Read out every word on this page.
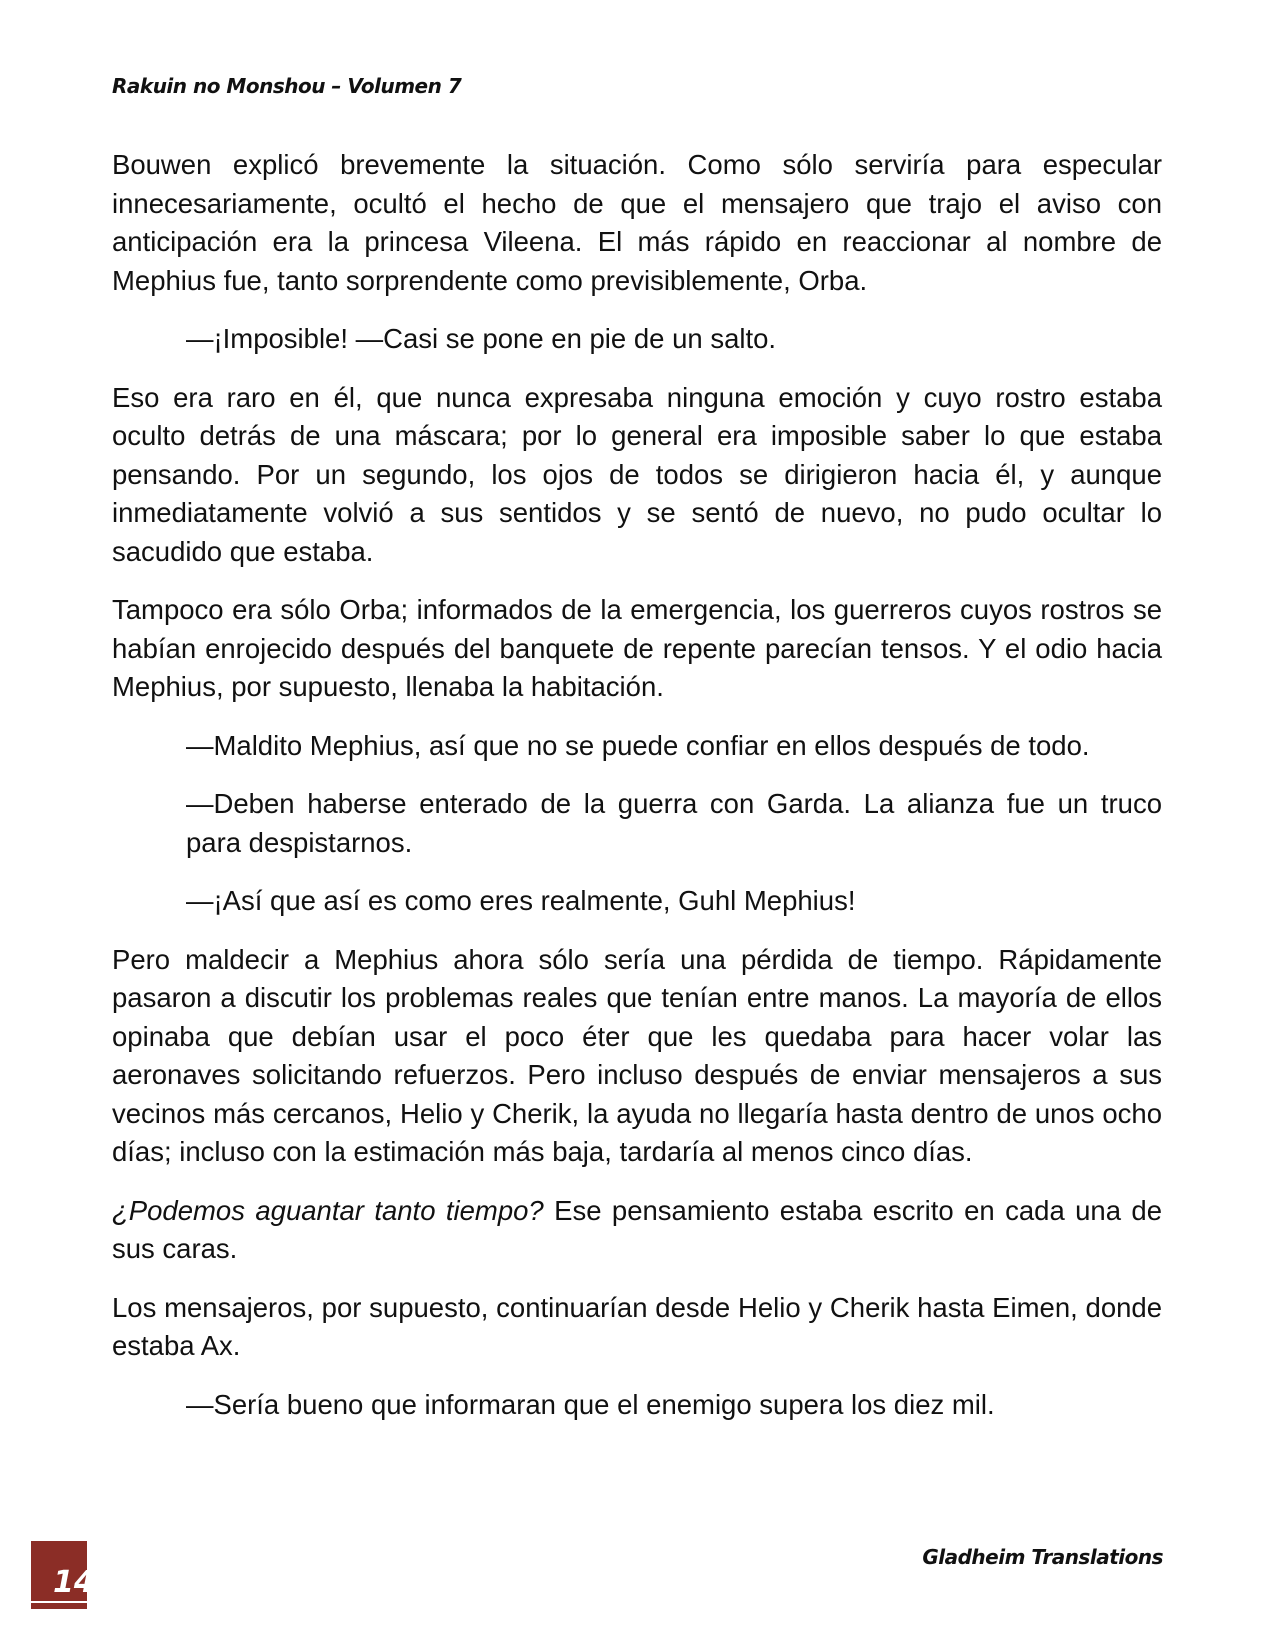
Rakuin no Monshou – Volumen 7

Bouwen explicó brevemente la situación. Como sólo serviría para especular innecesariamente, ocultó el hecho de que el mensajero que trajo el aviso con anticipación era la princesa Vileena. El más rápido en reaccionar al nombre de Mephius fue, tanto sorprendente como previsiblemente, Orba.

—¡Imposible! —Casi se pone en pie de un salto.

Eso era raro en él, que nunca expresaba ninguna emoción y cuyo rostro estaba oculto detrás de una máscara; por lo general era imposible saber lo que estaba pensando. Por un segundo, los ojos de todos se dirigieron hacia él, y aunque inmediatamente volvió a sus sentidos y se sentó de nuevo, no pudo ocultar lo sacudido que estaba.

Tampoco era sólo Orba; informados de la emergencia, los guerreros cuyos rostros se habían enrojecido después del banquete de repente parecían tensos. Y el odio hacia Mephius, por supuesto, llenaba la habitación.

—Maldito Mephius, así que no se puede confiar en ellos después de todo.

—Deben haberse enterado de la guerra con Garda. La alianza fue un truco para despistarnos.

—¡Así que así es como eres realmente, Guhl Mephius!

Pero maldecir a Mephius ahora sólo sería una pérdida de tiempo. Rápidamente pasaron a discutir los problemas reales que tenían entre manos. La mayoría de ellos opinaba que debían usar el poco éter que les quedaba para hacer volar las aeronaves solicitando refuerzos. Pero incluso después de enviar mensajeros a sus vecinos más cercanos, Helio y Cherik, la ayuda no llegaría hasta dentro de unos ocho días; incluso con la estimación más baja, tardaría al menos cinco días.

¿Podemos aguantar tanto tiempo? Ese pensamiento estaba escrito en cada una de sus caras.

Los mensajeros, por supuesto, continuarían desde Helio y Cherik hasta Eimen, donde estaba Ax.

—Sería bueno que informaran que el enemigo supera los diez mil.

14
Gladheim Translations
